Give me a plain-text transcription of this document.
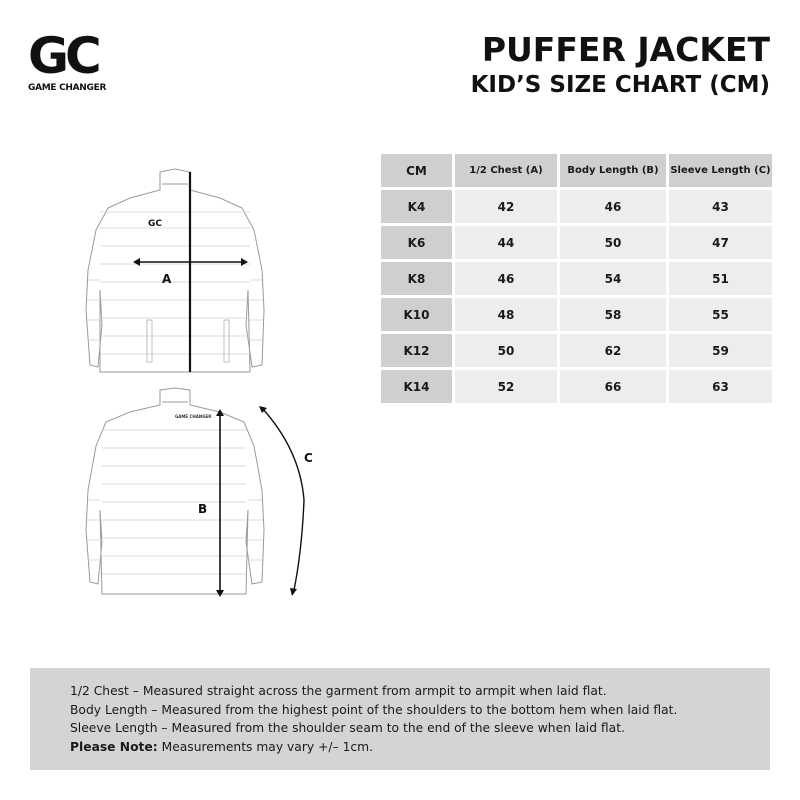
GC
GAME CHANGER
PUFFER JACKET
KID’S SIZE CHART (CM)
GC
A
GAME CHANGER
B
C
CM	1/2 Chest (A)	Body Length (B)	Sleeve Length (C)
K4	42	46	43
K6	44	50	47
K8	46	54	51
K10	48	58	55
K12	50	62	59
K14	52	66	63
1/2 Chest – Measured straight across the garment from armpit to armpit when laid flat.
Body Length – Measured from the highest point of the shoulders to the bottom hem when laid flat.
Sleeve Length – Measured from the shoulder seam to the end of the sleeve when laid flat.
Please Note: Measurements may vary +/– 1cm.
